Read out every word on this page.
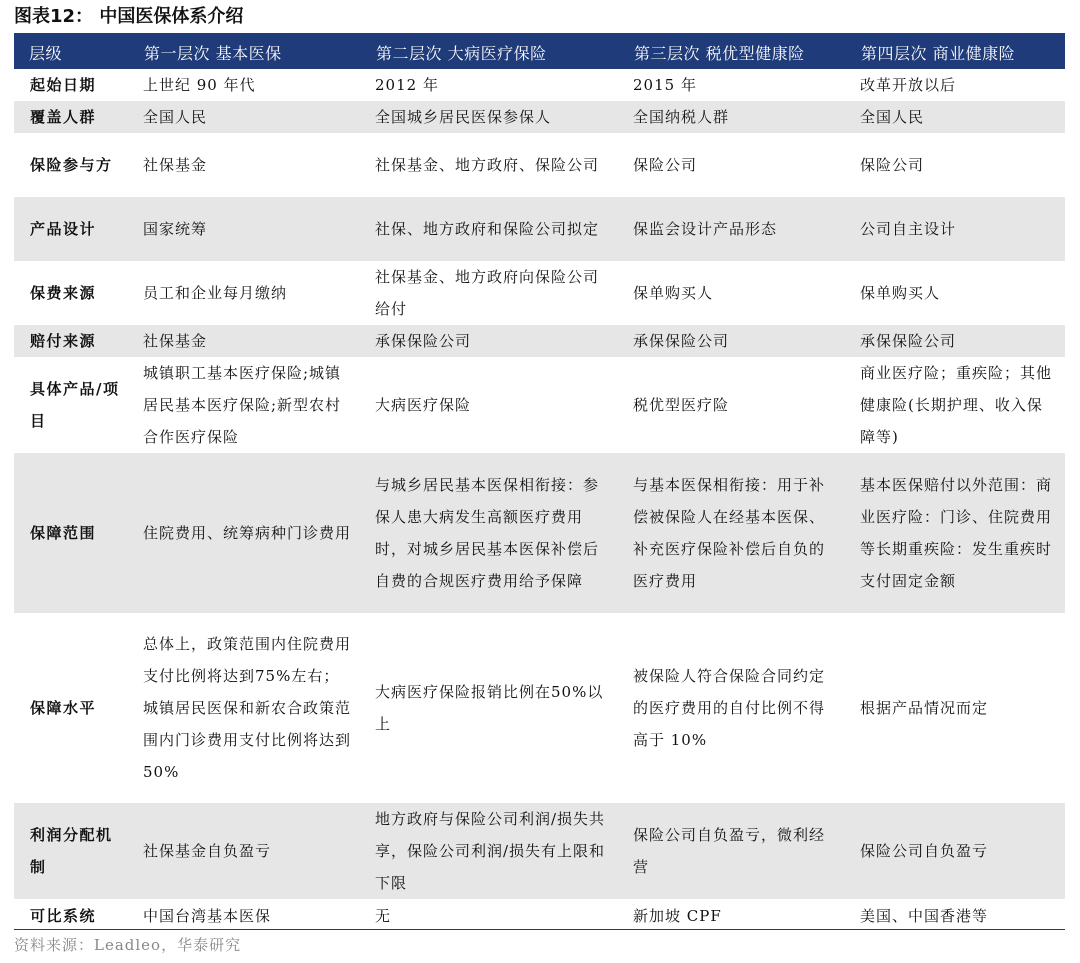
图表12： 中国医保体系介绍
层级	第一层次 基本医保	第二层次 大病医疗保险	第三层次 税优型健康险	第四层次 商业健康险
起始日期	上世纪 90 年代	2012 年	2015 年	改革开放以后
覆盖人群	全国人民	全国城乡居民医保参保人	全国纳税人群	全国人民
保险参与方	社保基金	社保基金、地方政府、保险公司	保险公司	保险公司
产品设计	国家统筹	社保、地方政府和保险公司拟定	保监会设计产品形态	公司自主设计
保费来源	员工和企业每月缴纳	社保基金、地方政府向保险公司给付	保单购买人	保单购买人
赔付来源	社保基金	承保保险公司	承保保险公司	承保保险公司
具体产品/项目	城镇职工基本医疗保险;城镇居民基本医疗保险;新型农村合作医疗保险	大病医疗保险	税优型医疗险	商业医疗险；重疾险；其他健康险(长期护理、收入保障等)
保障范围	住院费用、统筹病种门诊费用	与城乡居民基本医保相衔接：参保人患大病发生高额医疗费用时，对城乡居民基本医保补偿后自费的合规医疗费用给予保障	与基本医保相衔接：用于补偿被保险人在经基本医保、补充医疗保险补偿后自负的医疗费用	基本医保赔付以外范围：商业医疗险：门诊、住院费用等长期重疾险：发生重疾时支付固定金额
保障水平	总体上，政策范围内住院费用支付比例将达到75%左右；城镇居民医保和新农合政策范围内门诊费用支付比例将达到 50%	大病医疗保险报销比例在50%以上	被保险人符合保险合同约定的医疗费用的自付比例不得高于 10%	根据产品情况而定
利润分配机制	社保基金自负盈亏	地方政府与保险公司利润/损失共享，保险公司利润/损失有上限和下限	保险公司自负盈亏，微利经营	保险公司自负盈亏
可比系统	中国台湾基本医保	无	新加坡 CPF	美国、中国香港等
资料来源：Leadleo，华泰研究
